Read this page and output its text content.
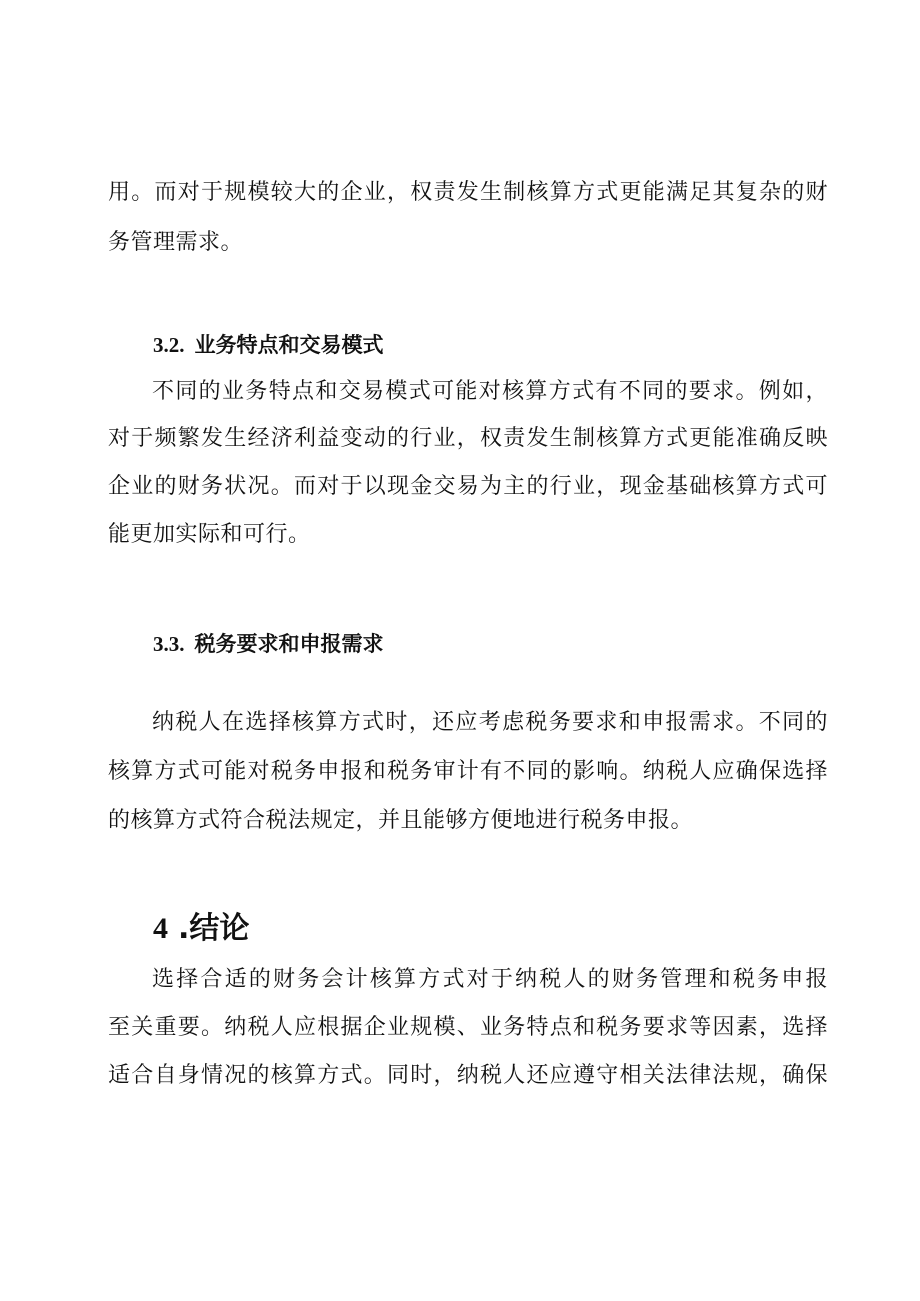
用。而对于规模较大的企业，权责发生制核算方式更能满足其复杂的财
务管理需求。
3.2. 业务特点和交易模式
不同的业务特点和交易模式可能对核算方式有不同的要求。例如，
对于频繁发生经济利益变动的行业，权责发生制核算方式更能准确反映
企业的财务状况。而对于以现金交易为主的行业，现金基础核算方式可
能更加实际和可行。
3.3. 税务要求和申报需求
纳税人在选择核算方式时，还应考虑税务要求和申报需求。不同的
核算方式可能对税务申报和税务审计有不同的影响。纳税人应确保选择
的核算方式符合税法规定，并且能够方便地进行税务申报。
4 .结论
选择合适的财务会计核算方式对于纳税人的财务管理和税务申报
至关重要。纳税人应根据企业规模、业务特点和税务要求等因素，选择
适合自身情况的核算方式。同时，纳税人还应遵守相关法律法规，确保
